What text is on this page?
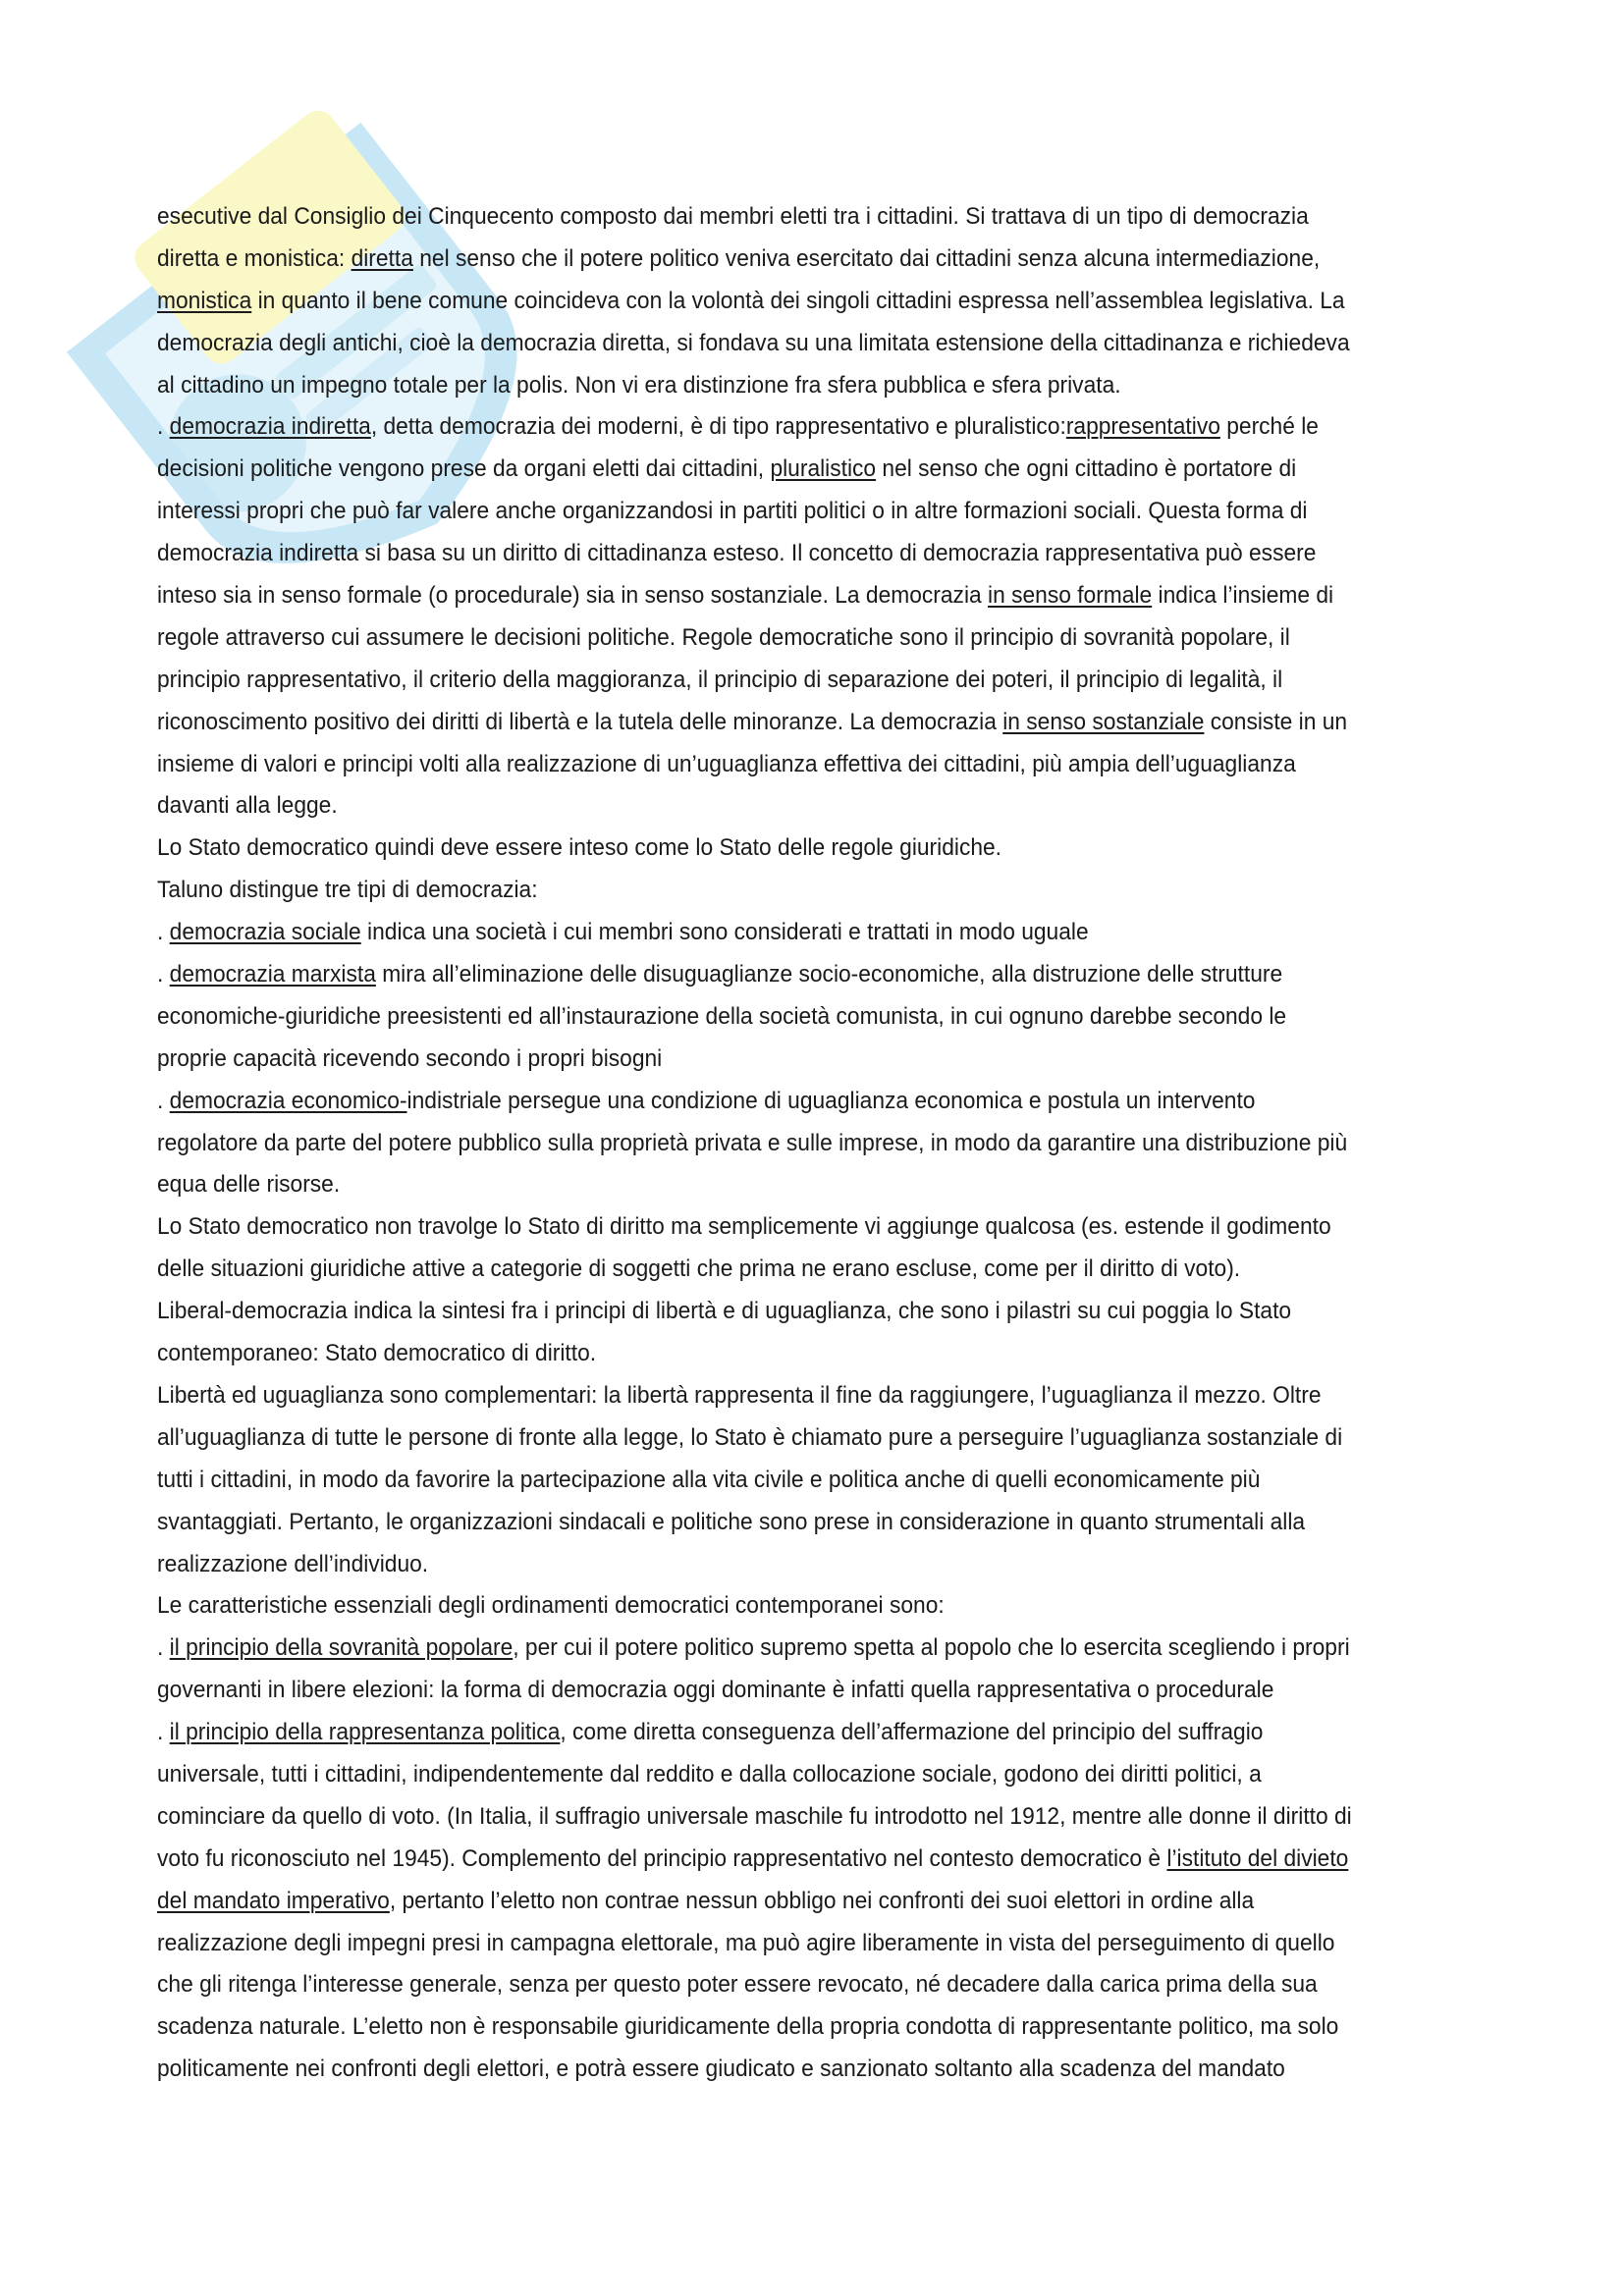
esecutive dal Consiglio dei Cinquecento composto dai membri eletti tra i cittadini. Si trattava di un tipo di democrazia
diretta e monistica: diretta nel senso che il potere politico veniva esercitato dai cittadini senza alcuna intermediazione,
monistica in quanto il bene comune coincideva con la volontà dei singoli cittadini espressa nell’assemblea legislativa. La
democrazia degli antichi, cioè la democrazia diretta, si fondava su una limitata estensione della cittadinanza e richiedeva
al cittadino un impegno totale per la polis. Non vi era distinzione fra sfera pubblica e sfera privata.
. democrazia indiretta, detta democrazia dei moderni, è di tipo rappresentativo e pluralistico:rappresentativo perché le
decisioni politiche vengono prese da organi eletti dai cittadini, pluralistico nel senso che ogni cittadino è portatore di
interessi propri che può far valere anche organizzandosi in partiti politici o in altre formazioni sociali. Questa forma di
democrazia indiretta si basa su un diritto di cittadinanza esteso. Il concetto di democrazia rappresentativa può essere
inteso sia in senso formale (o procedurale) sia in senso sostanziale. La democrazia in senso formale indica l’insieme di
regole attraverso cui assumere le decisioni politiche. Regole democratiche sono il principio di sovranità popolare, il
principio rappresentativo, il criterio della maggioranza, il principio di separazione dei poteri, il principio di legalità, il
riconoscimento positivo dei diritti di libertà e la tutela delle minoranze. La democrazia in senso sostanziale consiste in un
insieme di valori e principi volti alla realizzazione di un’uguaglianza effettiva dei cittadini, più ampia dell’uguaglianza
davanti alla legge.
Lo Stato democratico quindi deve essere inteso come lo Stato delle regole giuridiche.
Taluno distingue tre tipi di democrazia:
. democrazia sociale indica una società i cui membri sono considerati e trattati in modo uguale
. democrazia marxista mira all’eliminazione delle disuguaglianze socio-economiche, alla distruzione delle strutture
economiche-giuridiche preesistenti ed all’instaurazione della società comunista, in cui ognuno darebbe secondo le
proprie capacità ricevendo secondo i propri bisogni
. democrazia economico-indistriale persegue una condizione di uguaglianza economica e postula un intervento
regolatore da parte del potere pubblico sulla proprietà privata e sulle imprese, in modo da garantire una distribuzione più
equa delle risorse.
Lo Stato democratico non travolge lo Stato di diritto ma semplicemente vi aggiunge qualcosa (es. estende il godimento
delle situazioni giuridiche attive a categorie di soggetti che prima ne erano escluse, come per il diritto di voto).
Liberal-democrazia indica la sintesi fra i principi di libertà e di uguaglianza, che sono i pilastri su cui poggia lo Stato
contemporaneo: Stato democratico di diritto.
Libertà ed uguaglianza sono complementari: la libertà rappresenta il fine da raggiungere, l’uguaglianza il mezzo. Oltre
all’uguaglianza di tutte le persone di fronte alla legge, lo Stato è chiamato pure a perseguire l’uguaglianza sostanziale di
tutti i cittadini, in modo da favorire la partecipazione alla vita civile e politica anche di quelli economicamente più
svantaggiati. Pertanto, le organizzazioni sindacali e politiche sono prese in considerazione in quanto strumentali alla
realizzazione dell’individuo.
Le caratteristiche essenziali degli ordinamenti democratici contemporanei sono:
. il principio della sovranità popolare, per cui il potere politico supremo spetta al popolo che lo esercita scegliendo i propri
governanti in libere elezioni: la forma di democrazia oggi dominante è infatti quella rappresentativa o procedurale
. il principio della rappresentanza politica, come diretta conseguenza dell’affermazione del principio del suffragio
universale, tutti i cittadini, indipendentemente dal reddito e dalla collocazione sociale, godono dei diritti politici, a
cominciare da quello di voto. (In Italia, il suffragio universale maschile fu introdotto nel 1912, mentre alle donne il diritto di
voto fu riconosciuto nel 1945). Complemento del principio rappresentativo nel contesto democratico è l’istituto del divieto
del mandato imperativo, pertanto l’eletto non contrae nessun obbligo nei confronti dei suoi elettori in ordine alla
realizzazione degli impegni presi in campagna elettorale, ma può agire liberamente in vista del perseguimento di quello
che gli ritenga l’interesse generale, senza per questo poter essere revocato, né decadere dalla carica prima della sua
scadenza naturale. L’eletto non è responsabile giuridicamente della propria condotta di rappresentante politico, ma solo
politicamente nei confronti degli elettori, e potrà essere giudicato e sanzionato soltanto alla scadenza del mandato
